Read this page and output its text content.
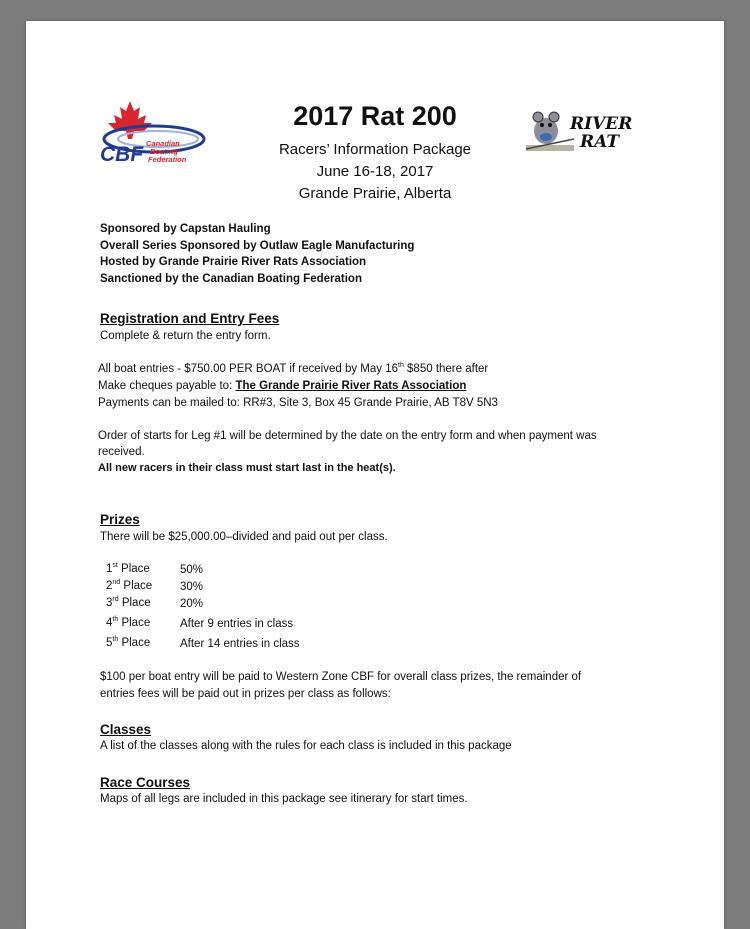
CBF Canadian
Boating
Federation
RIVER
RAT
2017 Rat 200
Racers’ Information Package
June 16-18, 2017
Grande Prairie, Alberta
Sponsored by Capstan Hauling
Overall Series Sponsored by Outlaw Eagle Manufacturing
Hosted by Grande Prairie River Rats Association
Sanctioned by the Canadian Boating Federation
Registration and Entry Fees
Complete & return the entry form.
All boat entries - $750.00 PER BOAT if received by May 16th $850 there after
Make cheques payable to: The Grande Prairie River Rats Association
Payments can be mailed to: RR#3, Site 3, Box 45 Grande Prairie, AB T8V 5N3
Order of starts for Leg #1 will be determined by the date on the entry form and when payment was
received.
All new racers in their class must start last in the heat(s).
Prizes
There will be $25,000.00–divided and paid out per class.
1st Place	50%
2nd Place 30%
3rd Place	20%
4th Place	After 9 entries in class
5th Place	After 14 entries in class
$100 per boat entry will be paid to Western Zone CBF for overall class prizes, the remainder of
entries fees will be paid out in prizes per class as follows:
Classes
A list of the classes along with the rules for each class is included in this package
Race Courses
Maps of all legs are included in this package see itinerary for start times.
